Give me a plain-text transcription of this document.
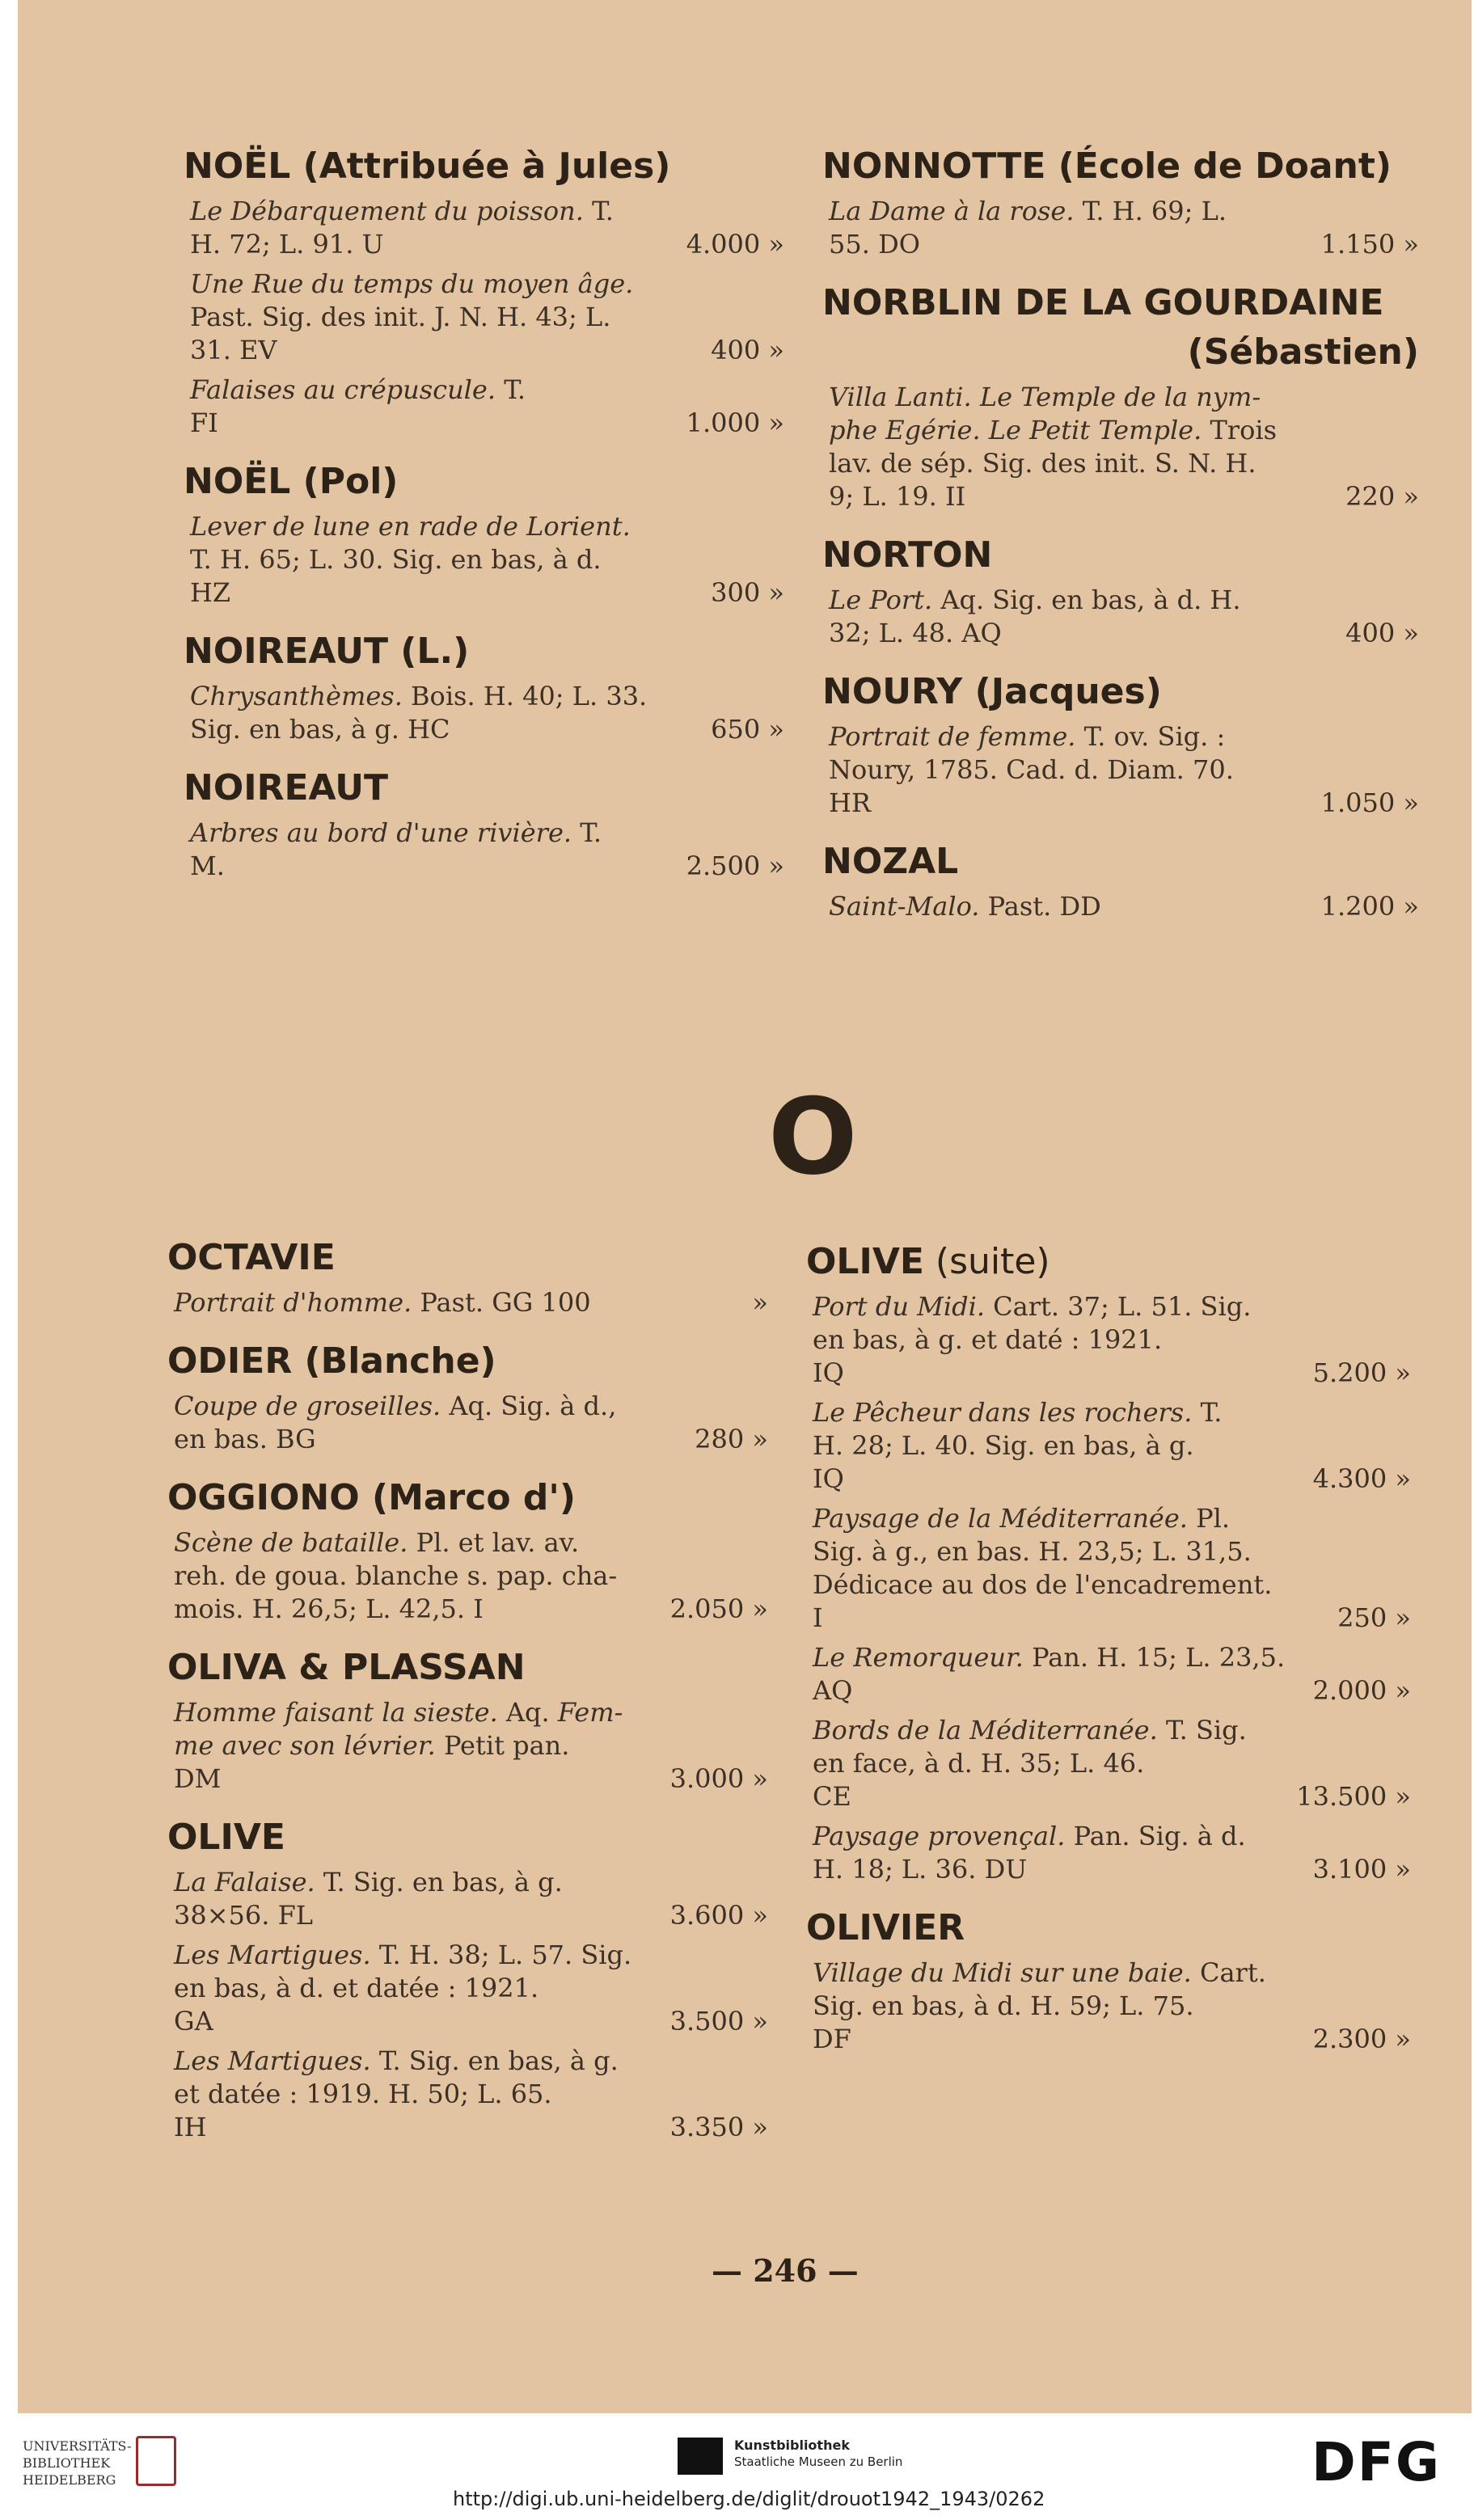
NOËL (Attribuée à Jules)
Le Débarquement du poisson. T.
H. 72; L. 91. U	4.000 »
Une Rue du temps du moyen âge.
Past. Sig. des init. J. N. H. 43; L.
31. EV	400 »
Falaises au crépuscule. T.
FI	1.000 »
NOËL (Pol)
Lever de lune en rade de Lorient.
T. H. 65; L. 30. Sig. en bas, à d.
HZ	300 »
NOIREAUT (L.)
Chrysanthèmes. Bois. H. 40; L. 33.
Sig. en bas, à g. HC	650 »
NOIREAUT
Arbres au bord d'une rivière. T.
M.	2.500 »
NONNOTTE (École de Doant)
La Dame à la rose. T. H. 69; L.
55. DO	1.150 »
NORBLIN DE LA GOURDAINE
(Sébastien)
Villa Lanti. Le Temple de la nym-
phe Egérie. Le Petit Temple. Trois
lav. de sép. Sig. des init. S. N. H.
9; L. 19. II	220 »
NORTON
Le Port. Aq. Sig. en bas, à d. H.
32; L. 48. AQ	400 »
NOURY (Jacques)
Portrait de femme. T. ov. Sig. :
Noury, 1785. Cad. d. Diam. 70.
HR	1.050 »
NOZAL
Saint-Malo. Past. DD	1.200 »
O
OCTAVIE
Portrait d'homme. Past. GG 100	»
ODIER (Blanche)
Coupe de groseilles. Aq. Sig. à d.,
en bas. BG	280 »
OGGIONO (Marco d')
Scène de bataille. Pl. et lav. av.
reh. de goua. blanche s. pap. cha-
mois. H. 26,5; L. 42,5. I	2.050 »
OLIVA & PLASSAN
Homme faisant la sieste. Aq. Fem-
me avec son lévrier. Petit pan.
DM	3.000 »
OLIVE
La Falaise. T. Sig. en bas, à g.
38×56. FL	3.600 »
Les Martigues. T. H. 38; L. 57. Sig.
en bas, à d. et datée : 1921.
GA	3.500 »
Les Martigues. T. Sig. en bas, à g.
et datée : 1919. H. 50; L. 65.
IH	3.350 »
OLIVE (suite)
Port du Midi. Cart. 37; L. 51. Sig.
en bas, à g. et daté : 1921.
IQ	5.200 »
Le Pêcheur dans les rochers. T.
H. 28; L. 40. Sig. en bas, à g.
IQ	4.300 »
Paysage de la Méditerranée. Pl.
Sig. à g., en bas. H. 23,5; L. 31,5.
Dédicace au dos de l'encadrement.
I	250 »
Le Remorqueur. Pan. H. 15; L. 23,5.
AQ	2.000 »
Bords de la Méditerranée. T. Sig.
en face, à d. H. 35; L. 46.
CE	13.500 »
Paysage provençal. Pan. Sig. à d.
H. 18; L. 36. DU	3.100 »
OLIVIER
Village du Midi sur une baie. Cart.
Sig. en bas, à d. H. 59; L. 75.
DF	2.300 »
— 246 —
UNIVERSITÄTS-
BIBLIOTHEK
HEIDELBERG
Kunstbibliothek
Staatliche Museen zu Berlin	DFG
http://digi.ub.uni-heidelberg.de/diglit/drouot1942_1943/0262
